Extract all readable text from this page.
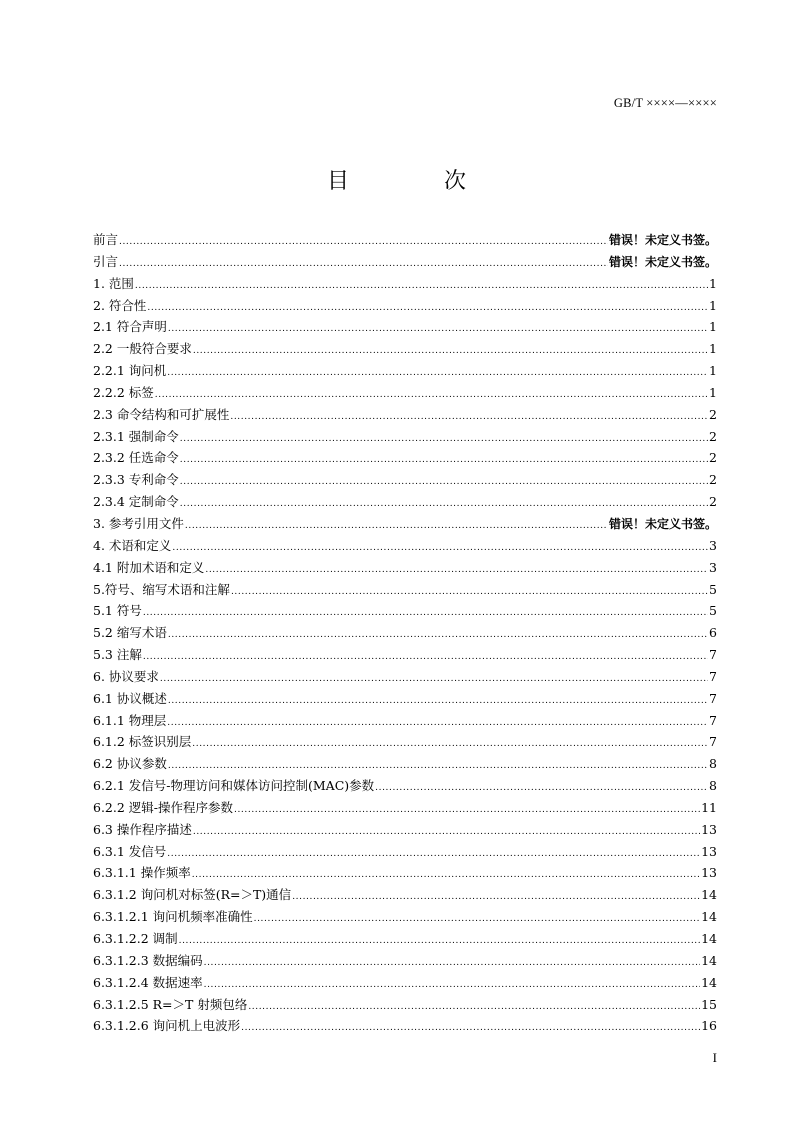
GB/T ××××—××××
目 次
前言 .....	错误！未定义书签。
引言 .....	错误！未定义书签。
1. 范围 .....	1
2. 符合性 .....	1
2.1 符合声明 .....	1
2.2 一般符合要求 .....	1
2.2.1 询问机 .....	1
2.2.2 标签 .....	1
2.3 命令结构和可扩展性 .....	2
2.3.1 强制命令 .....	2
2.3.2 任选命令 .....	2
2.3.3 专利命令 .....	2
2.3.4 定制命令 .....	2
3. 参考引用文件 .....	错误！未定义书签。
4. 术语和定义 .....	3
4.1 附加术语和定义 .....	3
5.符号、缩写术语和注解 .....	5
5.1 符号 .....	5
5.2 缩写术语 .....	6
5.3 注解 .....	7
6. 协议要求 .....	7
6.1 协议概述 .....	7
6.1.1 物理层 .....	7
6.1.2 标签识别层 .....	7
6.2 协议参数 .....	8
6.2.1 发信号-物理访问和媒体访问控制(MAC)参数 .....	8
6.2.2 逻辑-操作程序参数 .....	11
6.3 操作程序描述 .....	13
6.3.1 发信号 .....	13
6.3.1.1 操作频率 .....	13
6.3.1.2 询问机对标签(R=＞T)通信 .....	14
6.3.1.2.1 询问机频率准确性 .....	14
6.3.1.2.2 调制 .....	14
6.3.1.2.3 数据编码 .....	14
6.3.1.2.4 数据速率 .....	14
6.3.1.2.5 R=＞T 射频包络 .....	15
6.3.1.2.6 询问机上电波形 .....	16
I
